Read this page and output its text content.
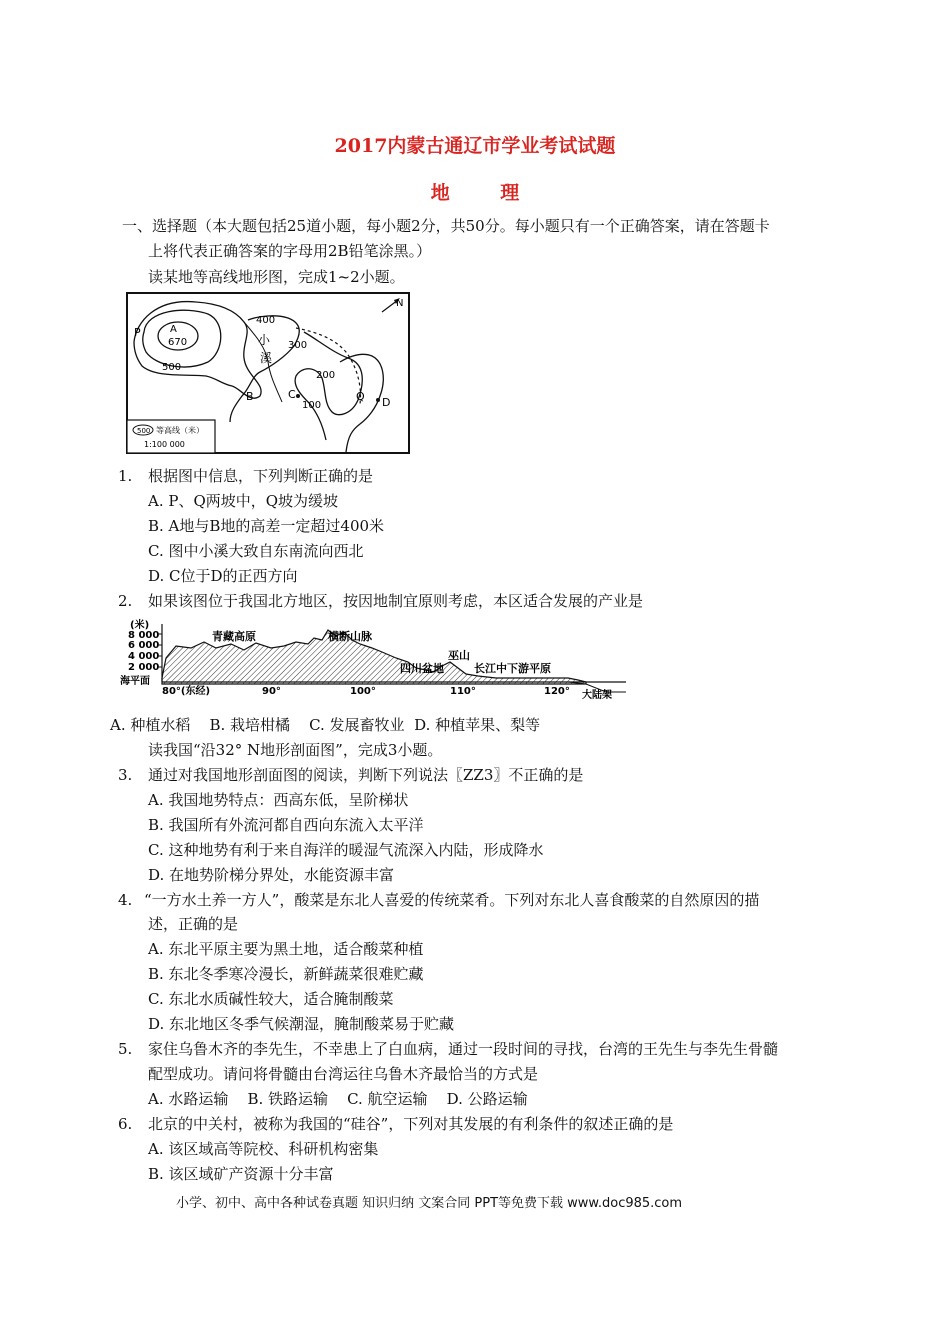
2017内蒙古通辽市学业考试试题
地 理
一、选择题（本大题包括25道小题，每小题2分，共50分。每小题只有一个正确答案，请在答题卡
上将代表正确答案的字母用2B铅笔涂黑。）
读某地等高线地形图，完成1~2小题。
500 等高线（米）
1:100 000
N
P	A
670
400
500
小
溪
300
200
B	C
100
Q D
1. 根据图中信息，下列判断正确的是
A. P、Q两坡中，Q坡为缓坡
B. A地与B地的高差一定超过400米
C. 图中小溪大致自东南流向西北
D. C位于D的正西方向
2. 如果该图位于我国北方地区，按因地制宜原则考虑，本区适合发展的产业是
(米)
8 000
6 000
4 000
2 000
海平面
青藏高原	横断山脉
巫山
四川盆地	长江中下游平原
大陆架
80°(东经)	90°	100°	110°	120°
A. 种植水稻    B. 栽培柑橘    C. 发展畜牧业  D. 种植苹果、梨等
读我国“沿32° N地形剖面图”，完成3小题。
3. 通过对我国地形剖面图的阅读，判断下列说法〖ZZ3〗不正确的是
A. 我国地势特点：西高东低，呈阶梯状
B. 我国所有外流河都自西向东流入太平洋
C. 这种地势有利于来自海洋的暖湿气流深入内陆，形成降水
D. 在地势阶梯分界处，水能资源丰富
4. “一方水土养一方人”，酸菜是东北人喜爱的传统菜肴。下列对东北人喜食酸菜的自然原因的描
述，正确的是
A. 东北平原主要为黑土地，适合酸菜种植
B. 东北冬季寒冷漫长，新鲜蔬菜很难贮藏
C. 东北水质碱性较大，适合腌制酸菜
D. 东北地区冬季气候潮湿，腌制酸菜易于贮藏
5. 家住乌鲁木齐的李先生，不幸患上了白血病，通过一段时间的寻找，台湾的王先生与李先生骨髓
配型成功。请问将骨髓由台湾运往乌鲁木齐最恰当的方式是
A. 水路运输    B. 铁路运输    C. 航空运输    D. 公路运输
6. 北京的中关村，被称为我国的“硅谷”，下列对其发展的有利条件的叙述正确的是
A. 该区域高等院校、科研机构密集
B. 该区域矿产资源十分丰富
小学、初中、高中各种试卷真题 知识归纳 文案合同 PPT等免费下载 www.doc985.com
